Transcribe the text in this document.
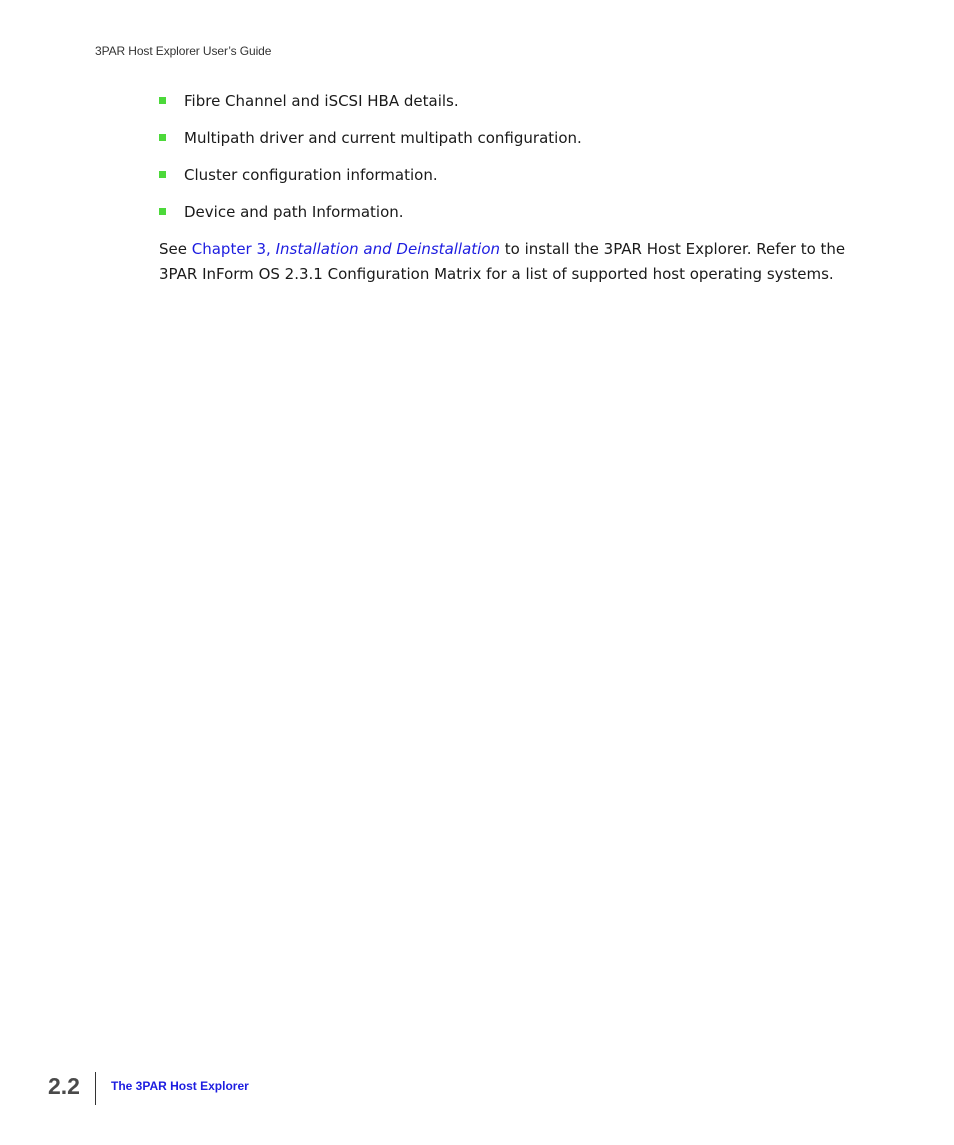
3PAR Host Explorer User’s Guide
Fibre Channel and iSCSI HBA details.
Multipath driver and current multipath configuration.
Cluster configuration information.
Device and path Information.

See Chapter 3, Installation and Deinstallation to install the 3PAR Host Explorer. Refer to the 3PAR InForm OS 2.3.1 Configuration Matrix for a list of supported host operating systems.

2.2	The 3PAR Host Explorer
